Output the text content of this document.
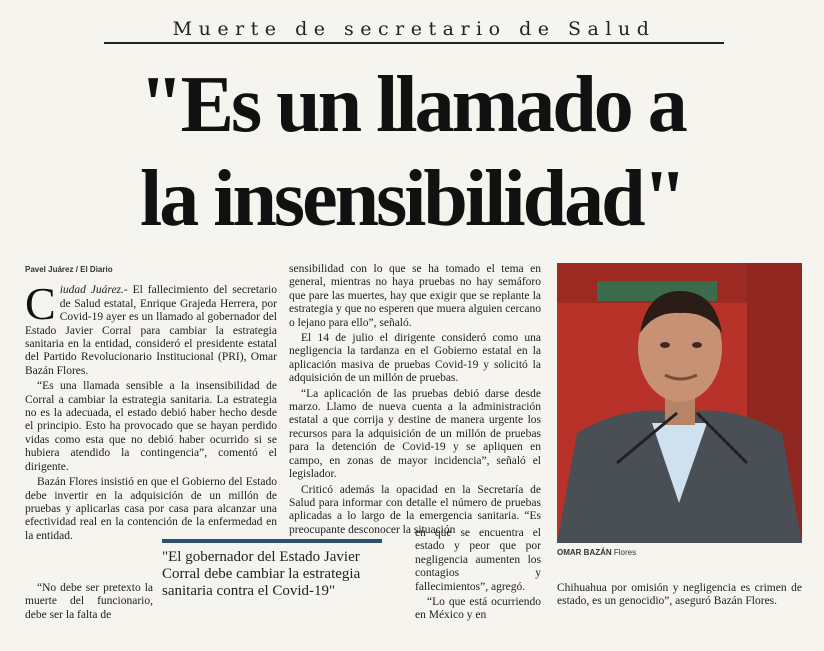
Muerte de secretario de Salud
"Es un llamado a
la insensibilidad"
Pavel Juárez / El Diario

Ciudad Juárez.- El fallecimiento del secretario de Salud estatal, Enrique Grajeda Herrera, por Covid-19 ayer es un llamado al gobernador del Estado Javier Corral para cambiar la estrategia sanitaria en la entidad, consideró el presidente estatal del Partido Revolucionario Institucional (PRI), Omar Bazán Flores.

“Es una llamada sensible a la insensibilidad de Corral a cambiar la estrategia sanitaria. La estrategia no es la adecuada, el estado debió haber hecho desde el principio. Esto ha provocado que se hayan perdido vidas como esta que no debió haber ocurrido si se hubiera atendido la contingencia”, comentó el dirigente.

Bazán Flores insistió en que el Gobierno del Estado debe invertir en la adquisición de un millón de pruebas y aplicarlas casa por casa para alcanzar una efectividad real en la contención de la enfermedad en la entidad.

“No debe ser pretexto la muerte del funcionario, debe ser la falta de

sensibilidad con lo que se ha tomado el tema en general, mientras no haya pruebas no hay semáforo que pare las muertes, hay que exigir que se replante la estrategia y que no esperen que muera alguien cercano o lejano para ello”, señaló.

El 14 de julio el dirigente consideró como una negligencia la tardanza en el Gobierno estatal en la aplicación masiva de pruebas Covid-19 y solicitó la adquisición de un millón de pruebas.

“La aplicación de las pruebas debió darse desde marzo. Llamo de nueva cuenta a la administración estatal a que corrija y destine de manera urgente los recursos para la adquisición de un millón de pruebas para la detención de Covid-19 y se apliquen en campo, en zonas de mayor incidencia”, señaló el legislador.

Criticó además la opacidad en la Secretaría de Salud para informar con detalle el número de pruebas aplicadas a lo largo de la emergencia sanitaria. “Es preocupante desconocer la situación

en que se encuentra el estado y peor que por negligencia aumenten los contagios y fallecimientos”, agregó.

“Lo que está ocurriendo en México y en

"El gobernador del Estado Javier Corral debe cambiar la estrategia sanitaria contra el Covid-19"
OMAR BAZÁN Flores

Chihuahua por omisión y negligencia es crimen de estado, es un genocidio”, aseguró Bazán Flores.
